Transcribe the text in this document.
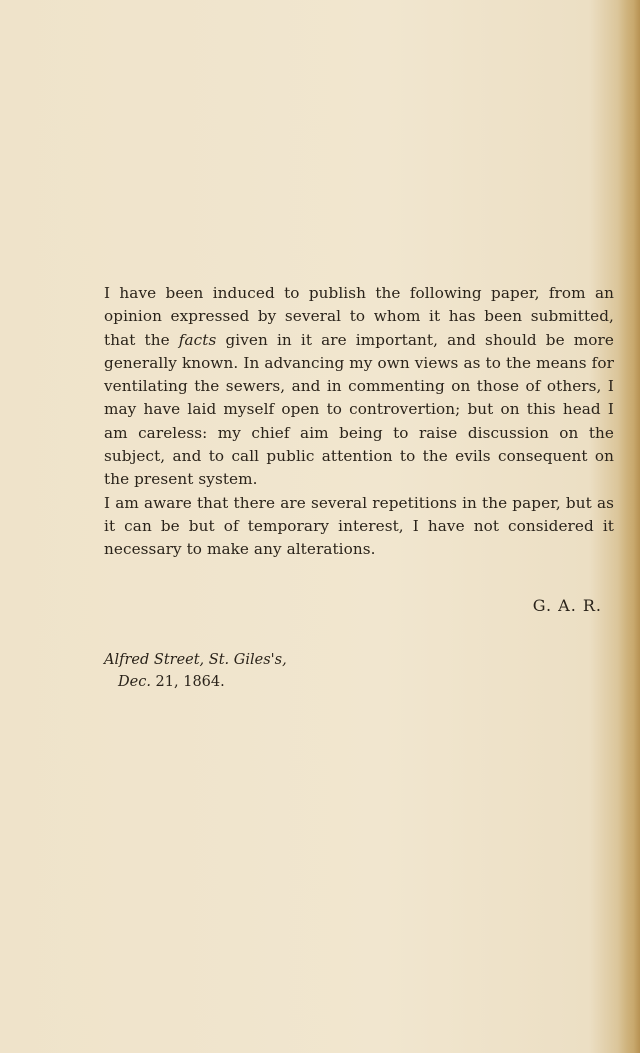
I have been induced to publish the following paper, from an opinion expressed by several to whom it has been submitted, that the facts given in it are important, and should be more generally known. In advancing my own views as to the means for ventilating the sewers, and in commenting on those of others, I may have laid myself open to controvertion; but on this head I am careless: my chief aim being to raise discussion on the subject, and to call public attention to the evils consequent on the present system.

I am aware that there are several repetitions in the paper, but as it can be but of temporary interest, I have not considered it necessary to make any alterations.

G. A. R.
Alfred Street, St. Giles's,
Dec. 21, 1864.
